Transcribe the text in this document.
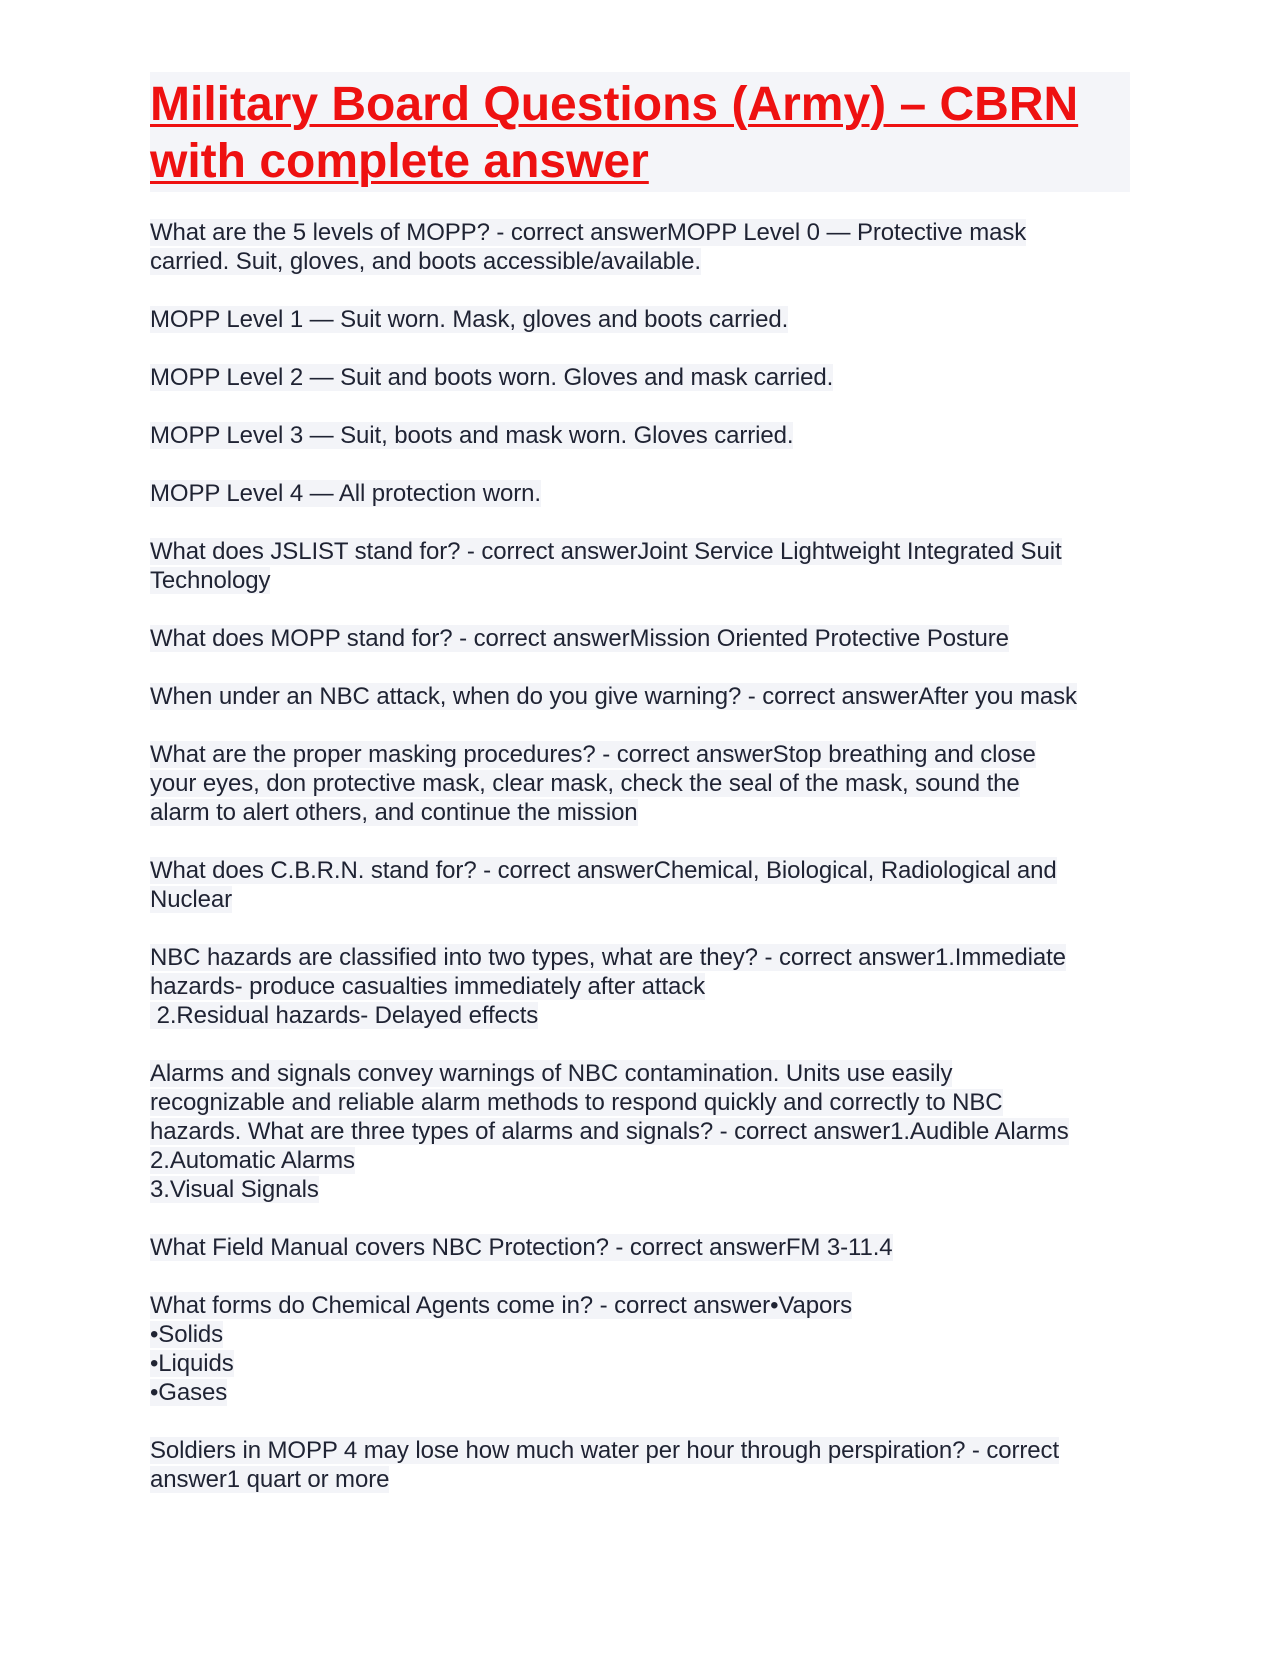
Military Board Questions (Army) – CBRN
with complete answer

What are the 5 levels of MOPP? - correct answerMOPP Level 0 — Protective mask
carried. Suit, gloves, and boots accessible/available.

MOPP Level 1 — Suit worn. Mask, gloves and boots carried.

MOPP Level 2 — Suit and boots worn. Gloves and mask carried.

MOPP Level 3 — Suit, boots and mask worn. Gloves carried.

MOPP Level 4 — All protection worn.

What does JSLIST stand for? - correct answerJoint Service Lightweight Integrated Suit
Technology

What does MOPP stand for? - correct answerMission Oriented Protective Posture

When under an NBC attack, when do you give warning? - correct answerAfter you mask

What are the proper masking procedures? - correct answerStop breathing and close
your eyes, don protective mask, clear mask, check the seal of the mask, sound the
alarm to alert others, and continue the mission

What does C.B.R.N. stand for? - correct answerChemical, Biological, Radiological and
Nuclear

NBC hazards are classified into two types, what are they? - correct answer1.Immediate
hazards- produce casualties immediately after attack
2.Residual hazards- Delayed effects

Alarms and signals convey warnings of NBC contamination. Units use easily
recognizable and reliable alarm methods to respond quickly and correctly to NBC
hazards. What are three types of alarms and signals? - correct answer1.Audible Alarms
2.Automatic Alarms
3.Visual Signals

What Field Manual covers NBC Protection? - correct answerFM 3-11.4

What forms do Chemical Agents come in? - correct answer•Vapors
•Solids
•Liquids
•Gases

Soldiers in MOPP 4 may lose how much water per hour through perspiration? - correct
answer1 quart or more
